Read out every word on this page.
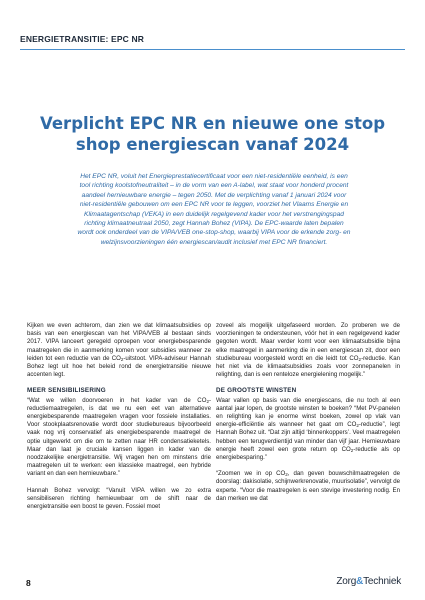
ENERGIETRANSITIE: EPC NR
Verplicht EPC NR en nieuwe one stop
shop energiescan vanaf 2024
Het EPC NR, voluit het Energieprestatiecertificaat voor een niet-residentiële eenheid, is een
tool richting koolstofneutraliteit – in de vorm van een A-label, wat staat voor honderd procent
aandeel hernieuwbare energie – tegen 2050. Met de verplichting vanaf 1 januari 2024 voor
niet-residentiële gebouwen om een EPC NR voor te leggen, voorziet het Vlaams Energie en
Klimaatagentschap (VEKA) in een duidelijk regelgevend kader voor het verstrengingspad
richting klimaatneutraal 2050, zegt Hannah Bohez (VIPA). De EPC-waarde laten bepalen
wordt ook onderdeel van de VIPA/VEB one-stop-shop, waarbij VIPA voor de erkende zorg- en
welzijnsvoorzieningen één energiescan/audit inclusief met EPC NR financiert.

Kijken we even achterom, dan zien we dat klimaatsubsidies op basis van een energiescan van het VIPA/VEB al bestaan sinds 2017. VIPA lanceert geregeld oproepen voor energiebesparende maatregelen die in aanmerking komen voor subsidies wanneer ze leiden tot een reductie van de $CO_2$-uitstoot. VIPA-adviseur Hannah Bohez legt uit hoe het beleid rond de energietransitie nieuwe accenten legt.

MEER SENSIBILISERING

“Wat we willen doorvoeren in het kader van de $CO_2$-reductiemaatregelen, is dat we nu een eet van alternatieve energiebesparende maatregelen vragen voor fossiele installaties. Voor stookplaatsrenovatie wordt door studiebureaus bijvoorbeeld vaak nog vrij conservatief als energiebesparende maatregel de optie uitgewerkt om die om te zetten naar HR condensatieketels. Maar dan laat je cruciale kansen liggen in kader van de noodzakelijke energietransitie. Wij vragen hen om minstens drie maatregelen uit te werken: een klassieke maatregel, een hybride variant en dan een hernieuwbare.”

Hannah Bohez vervolgt: “Vanuit VIPA willen we zo extra sensibiliseren richting hernieuwbaar om de shift naar de energietransitie een boost te geven. Fossiel moet

zoveel als mogelijk uitgefaseerd worden. Zo proberen we de voorzieningen te ondersteunen, vóór het in een regelgevend kader gegoten wordt. Maar verder komt voor een klimaatsubsidie bijna elke maatregel in aanmerking die in een energiescan zit, door een studiebureau voorgesteld wordt en die leidt tot $CO_2$-reductie. Kan het niet via de klimaatsubsidies zoals voor zonnepanelen in relighting, dan is een renteloze energielening mogelijk.”

DE GROOTSTE WINSTEN

Waar vallen op basis van die energiescans, die nu toch al een aantal jaar lopen, de grootste winsten te boeken? “Met PV-panelen en relighting kan je enorme winst boeken, zowel op vlak van energie-efficiëntie als wanneer het gaat om $CO_2$-reductie”, legt Hannah Bohez uit. “Dat zijn altijd ‘binnenkoppers’. Veel maatregelen hebben een terugverdientijd van minder dan vijf jaar. Hernieuwbare energie heeft zowel een grote return op $CO_2$-reductie als op energiebesparing.”

“Zoomen we in op $CO_2$, dan geven bouwschilmaatregelen de doorslag: dakisolatie, schijnwerkrenovatie, muurisolatie”, vervolgt de experte. “Voor die maatregelen is een stevige investering nodig. En dan merken we dat

8	Zorg&Techniek
